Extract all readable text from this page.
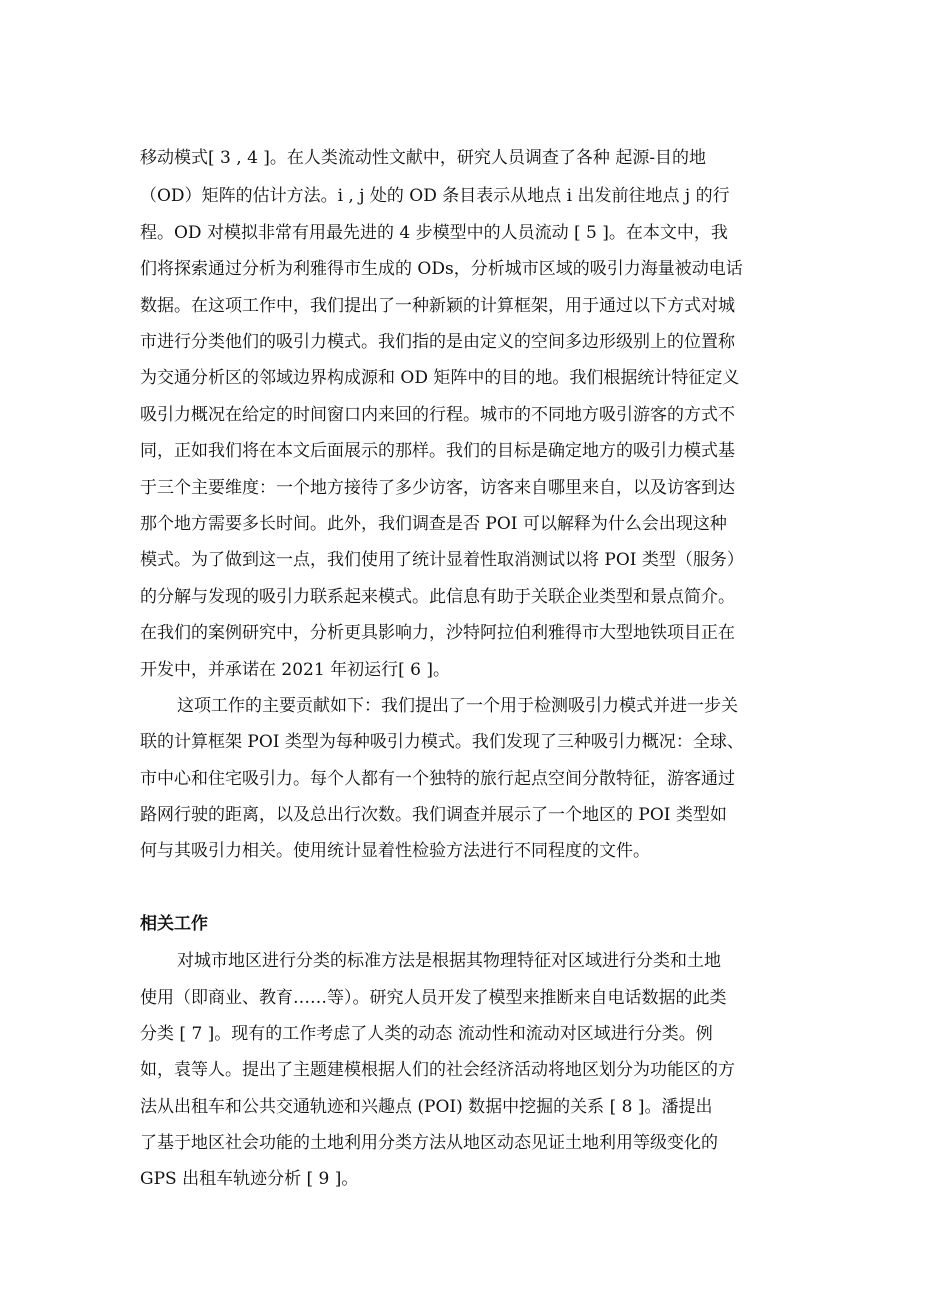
移动模式[ 3 , 4 ]。在人类流动性文献中，研究人员调查了各种 起源-目的地
（OD）矩阵的估计方法。i , j 处的 OD 条目表示从地点 i 出发前往地点 j 的行
程。OD 对模拟非常有用最先进的 4 步模型中的人员流动 [ 5 ]。在本文中，我
们将探索通过分析为利雅得市生成的 ODs，分析城市区域的吸引力海量被动电话
数据。在这项工作中，我们提出了一种新颖的计算框架，用于通过以下方式对城
市进行分类他们的吸引力模式。我们指的是由定义的空间多边形级别上的位置称
为交通分析区的邻域边界构成源和 OD 矩阵中的目的地。我们根据统计特征定义
吸引力概况在给定的时间窗口内来回的行程。城市的不同地方吸引游客的方式不
同，正如我们将在本文后面展示的那样。我们的目标是确定地方的吸引力模式基
于三个主要维度：一个地方接待了多少访客，访客来自哪里来自，以及访客到达
那个地方需要多长时间。此外，我们调查是否 POI 可以解释为什么会出现这种
模式。为了做到这一点，我们使用了统计显着性取消测试以将 POI 类型（服务）
的分解与发现的吸引力联系起来模式。此信息有助于关联企业类型和景点简介。
在我们的案例研究中，分析更具影响力，沙特阿拉伯利雅得市大型地铁项目正在
开发中，并承诺在 2021 年初运行[ 6 ]。
这项工作的主要贡献如下：我们提出了一个用于检测吸引力模式并进一步关
联的计算框架 POI 类型为每种吸引力模式。我们发现了三种吸引力概况：全球、
市中心和住宅吸引力。每个人都有一个独特的旅行起点空间分散特征，游客通过
路网行驶的距离，以及总出行次数。我们调查并展示了一个地区的 POI 类型如
何与其吸引力相关。使用统计显着性检验方法进行不同程度的文件。
相关工作
对城市地区进行分类的标准方法是根据其物理特征对区域进行分类和土地
使用（即商业、教育……等）。研究人员开发了模型来推断来自电话数据的此类
分类 [ 7 ]。现有的工作考虑了人类的动态 流动性和流动对区域进行分类。例
如，袁等人。提出了主题建模根据人们的社会经济活动将地区划分为功能区的方
法从出租车和公共交通轨迹和兴趣点 (POI) 数据中挖掘的关系 [ 8 ]。潘提出
了基于地区社会功能的土地利用分类方法从地区动态见证土地利用等级变化的
GPS 出租车轨迹分析 [ 9 ]。
